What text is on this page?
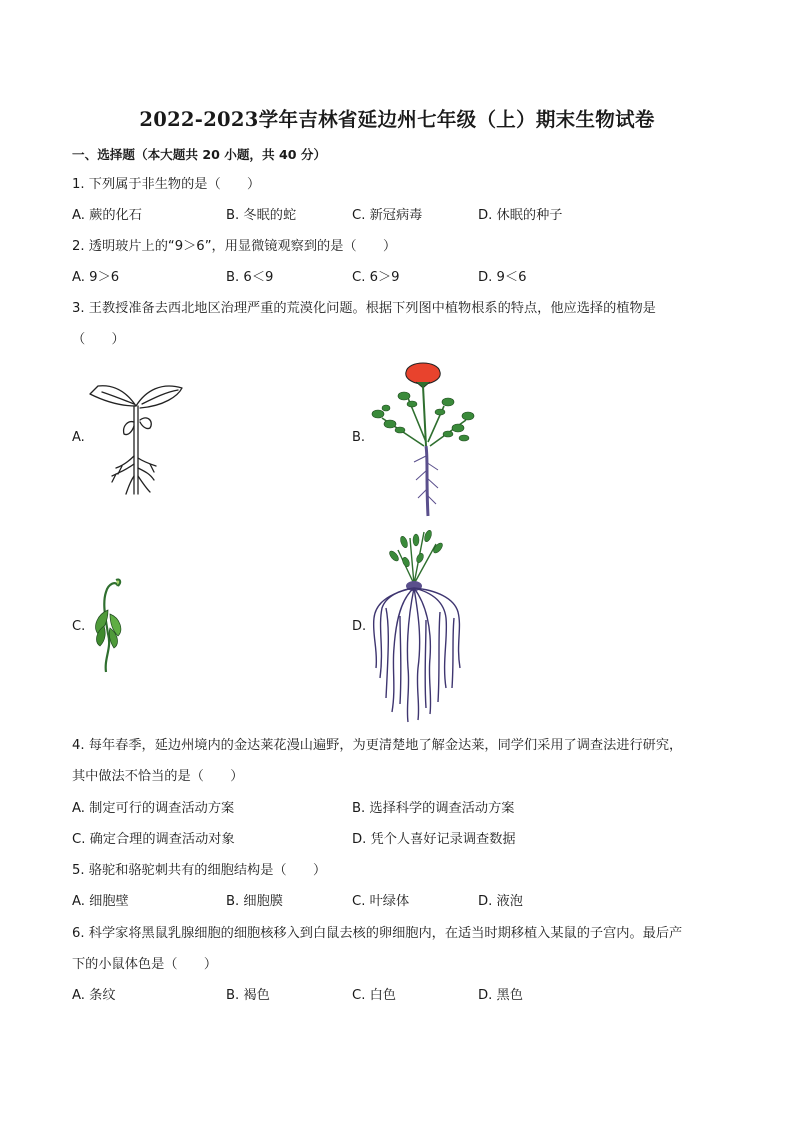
2022-2023学年吉林省延边州七年级（上）期末生物试卷
一、选择题（本大题共 20 小题，共 40 分）
1. 下列属于非生物的是（　　）
A. 蕨的化石	B. 冬眠的蛇	C. 新冠病毒	D. 休眠的种子
2. 透明玻片上的“9＞6”，用显微镜观察到的是（　　）
A. 9＞6	B. 6＜9	C. 6＞9	D. 9＜6
3. 王教授准备去西北地区治理严重的荒漠化问题。根据下列图中植物根系的特点，他应选择的植物是
（　　）
A.	B.
C.	D.
4. 每年春季，延边州境内的金达莱花漫山遍野，为更清楚地了解金达莱，同学们采用了调查法进行研究，
其中做法不恰当的是（　　）
A. 制定可行的调查活动方案	B. 选择科学的调查活动方案
C. 确定合理的调查活动对象	D. 凭个人喜好记录调查数据
5. 骆驼和骆驼刺共有的细胞结构是（　　）
A. 细胞壁	B. 细胞膜	C. 叶绿体	D. 液泡
6. 科学家将黑鼠乳腺细胞的细胞核移入到白鼠去核的卵细胞内，在适当时期移植入某鼠的子宫内。最后产
下的小鼠体色是（　　）
A. 条纹	B. 褐色	C. 白色	D. 黑色
